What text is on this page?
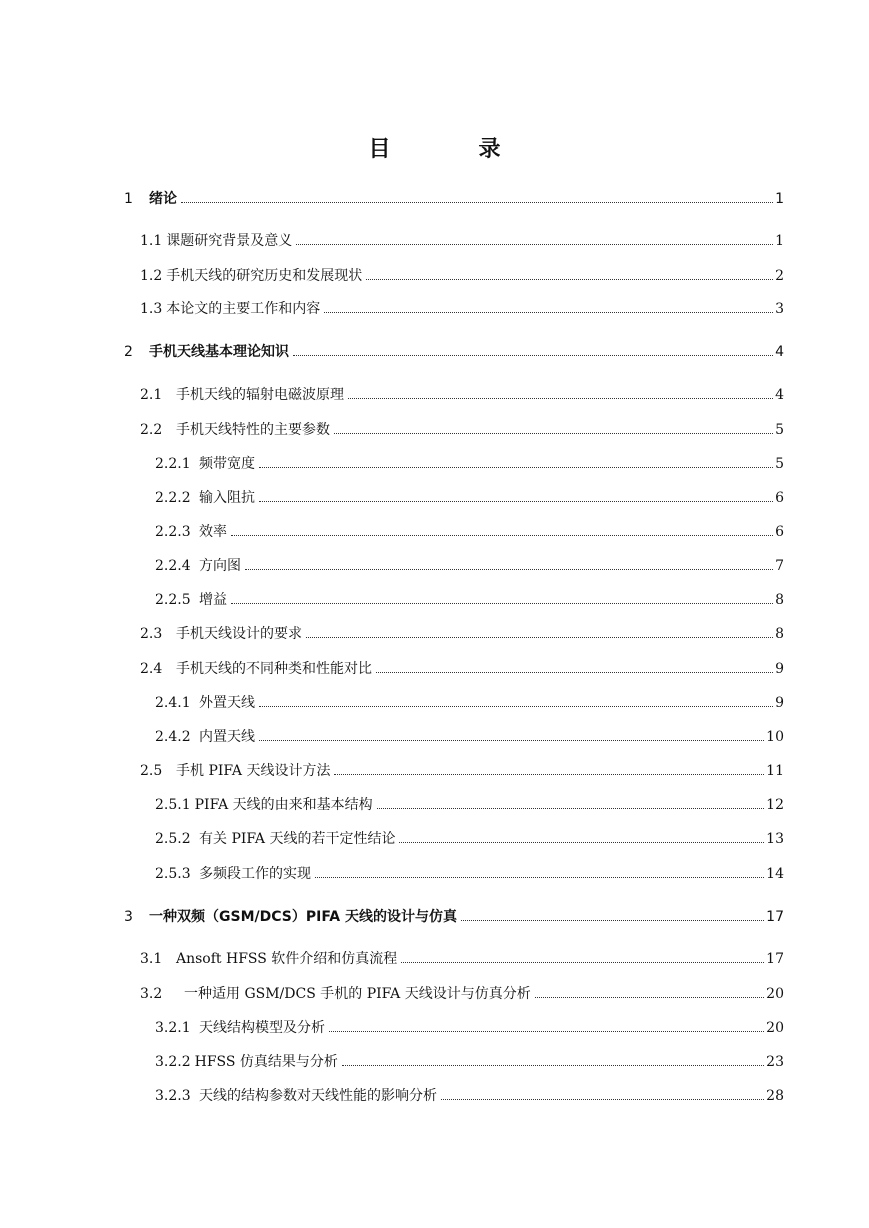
目	录
1	绪论	1
1.1 课题研究背景及意义	1
1.2 手机天线的研究历史和发展现状	2
1.3 本论文的主要工作和内容	3
2	手机天线基本理论知识	4
2.1 手机天线的辐射电磁波原理	4
2.2 手机天线特性的主要参数	5
2.2.1 频带宽度	5
2.2.2 输入阻抗	6
2.2.3 效率	6
2.2.4 方向图	7
2.2.5 增益	8
2.3 手机天线设计的要求	8
2.4 手机天线的不同种类和性能对比	9
2.4.1 外置天线	9
2.4.2 内置天线	10
2.5 手机 PIFA 天线设计方法	11
2.5.1 PIFA 天线的由来和基本结构	12
2.5.2 有关 PIFA 天线的若干定性结论	13
2.5.3 多频段工作的实现	14
3	一种双频（GSM/DCS）PIFA 天线的设计与仿真	17
3.1 Ansoft HFSS 软件介绍和仿真流程	17
3.2	一种适用 GSM/DCS 手机的 PIFA 天线设计与仿真分析	20
3.2.1 天线结构模型及分析	20
3.2.2 HFSS 仿真结果与分析	23
3.2.3 天线的结构参数对天线性能的影响分析	28
